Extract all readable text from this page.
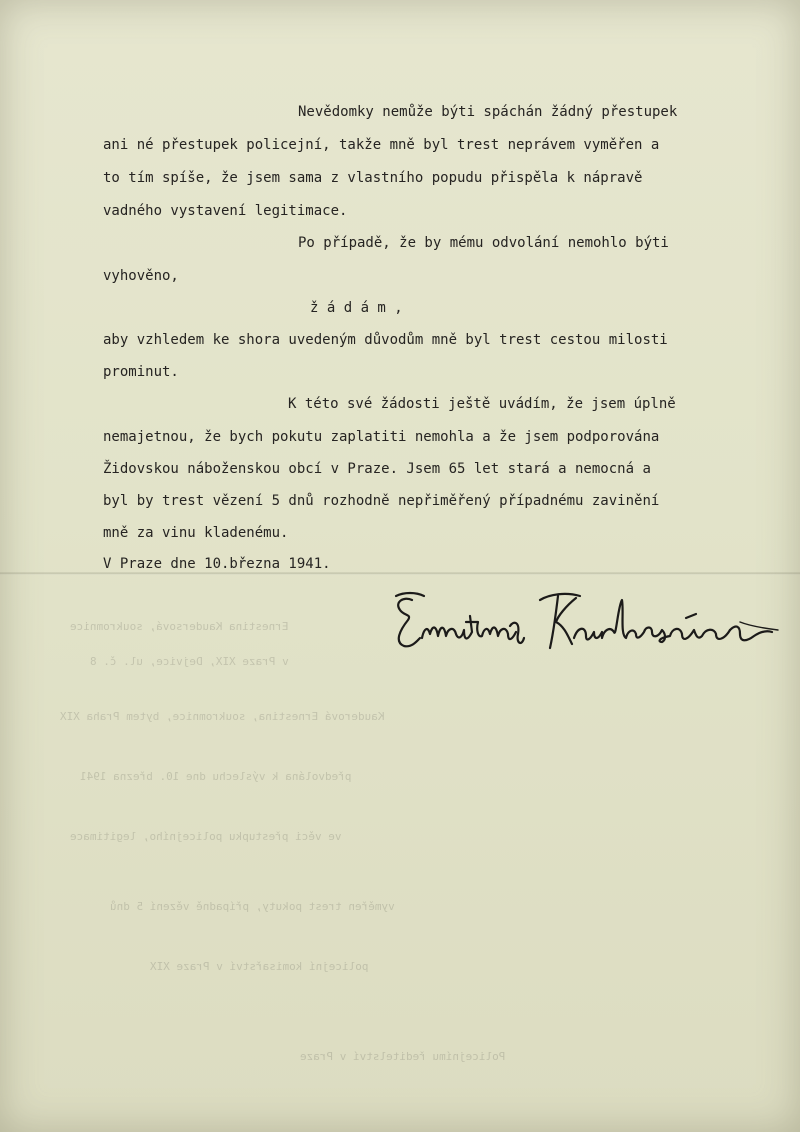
Ernestina Kaudersová, soukromnice
v Praze XIX, Dejvice, ul. č. 8
Kauderová Ernestina, soukromnice, bytem Praha XIX
předvolána k výslechu dne 10. března 1941
ve věci přestupku policejního, legitimace
vyměřen trest pokuty, případně vězení 5 dnů
policejní komisařství v Praze XIX
Policejnímu ředitelství v Praze
Nevědomky nemůže býti spáchán žádný přestupek
ani né přestupek policejní, takže mně byl trest neprávem vyměřen a
to tím spíše, že jsem sama z vlastního popudu přispěla k nápravě
vadného vystavení legitimace.
Po případě, že by mému odvolání nemohlo býti
vyhověno,
ž á d á m ,
aby vzhledem ke shora uvedeným důvodům mně byl trest cestou milosti
prominut.
K této své žádosti ještě uvádím, že jsem úplně
nemajetnou, že bych pokutu zaplatiti nemohla a že jsem podporována
Židovskou náboženskou obcí v Praze. Jsem 65 let stará a nemocná a
byl by trest vězení 5 dnů rozhodně nepřiměřený případnému zavinění
mně za vinu kladenému.
V Praze dne 10.března 1941.
